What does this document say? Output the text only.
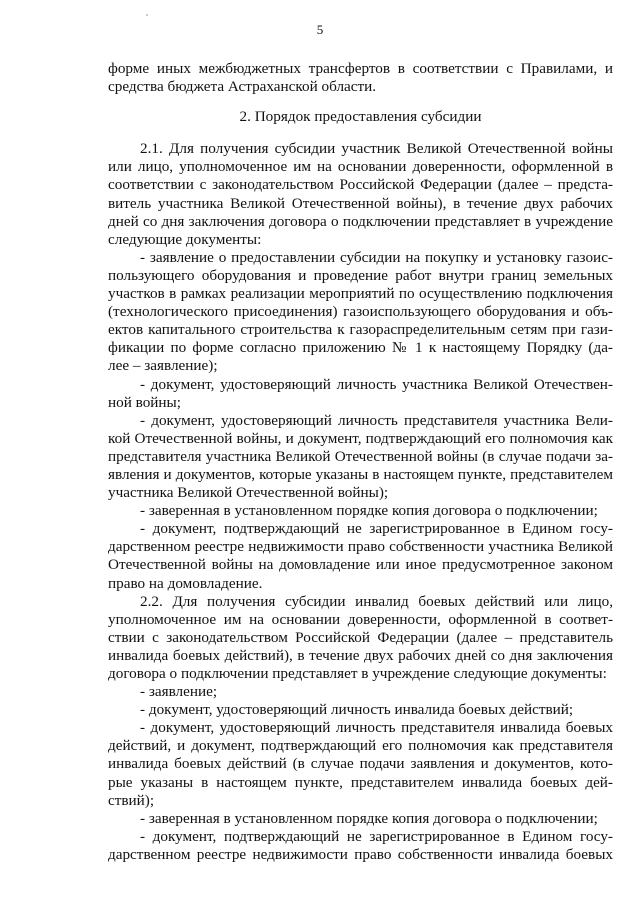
5
форме иных межбюджетных трансфертов в соответствии с Правилами, и
средства бюджета Астраханской области.
2. Порядок предоставления субсидии
2.1. Для получения субсидии участник Великой Отечественной войны
или лицо, уполномоченное им на основании доверенности, оформленной в
соответствии с законодательством Российской Федерации (далее – предста-
витель участника Великой Отечественной войны), в течение двух рабочих
дней со дня заключения договора о подключении представляет в учреждение
следующие документы:
- заявление о предоставлении субсидии на покупку и установку газоис-
пользующего оборудования и проведение работ внутри границ земельных
участков в рамках реализации мероприятий по осуществлению подключения
(технологического присоединения) газоиспользующего оборудования и объ-
ектов капитального строительства к газораспределительным сетям при гази-
фикации по форме согласно приложению № 1 к настоящему Порядку (да-
лее – заявление);
- документ, удостоверяющий личность участника Великой Отечествен-
ной войны;
- документ, удостоверяющий личность представителя участника Вели-
кой Отечественной войны, и документ, подтверждающий его полномочия как
представителя участника Великой Отечественной войны (в случае подачи за-
явления и документов, которые указаны в настоящем пункте, представителем
участника Великой Отечественной войны);
- заверенная в установленном порядке копия договора о подключении;
- документ, подтверждающий не зарегистрированное в Едином госу-
дарственном реестре недвижимости право собственности участника Великой
Отечественной войны на домовладение или иное предусмотренное законом
право на домовладение.
2.2. Для получения субсидии инвалид боевых действий или лицо,
уполномоченное им на основании доверенности, оформленной в соответ-
ствии с законодательством Российской Федерации (далее – представитель
инвалида боевых действий), в течение двух рабочих дней со дня заключения
договора о подключении представляет в учреждение следующие документы:
- заявление;
- документ, удостоверяющий личность инвалида боевых действий;
- документ, удостоверяющий личность представителя инвалида боевых
действий, и документ, подтверждающий его полномочия как представителя
инвалида боевых действий (в случае подачи заявления и документов, кото-
рые указаны в настоящем пункте, представителем инвалида боевых дей-
ствий);
- заверенная в установленном порядке копия договора о подключении;
- документ, подтверждающий не зарегистрированное в Едином госу-
дарственном реестре недвижимости право собственности инвалида боевых
